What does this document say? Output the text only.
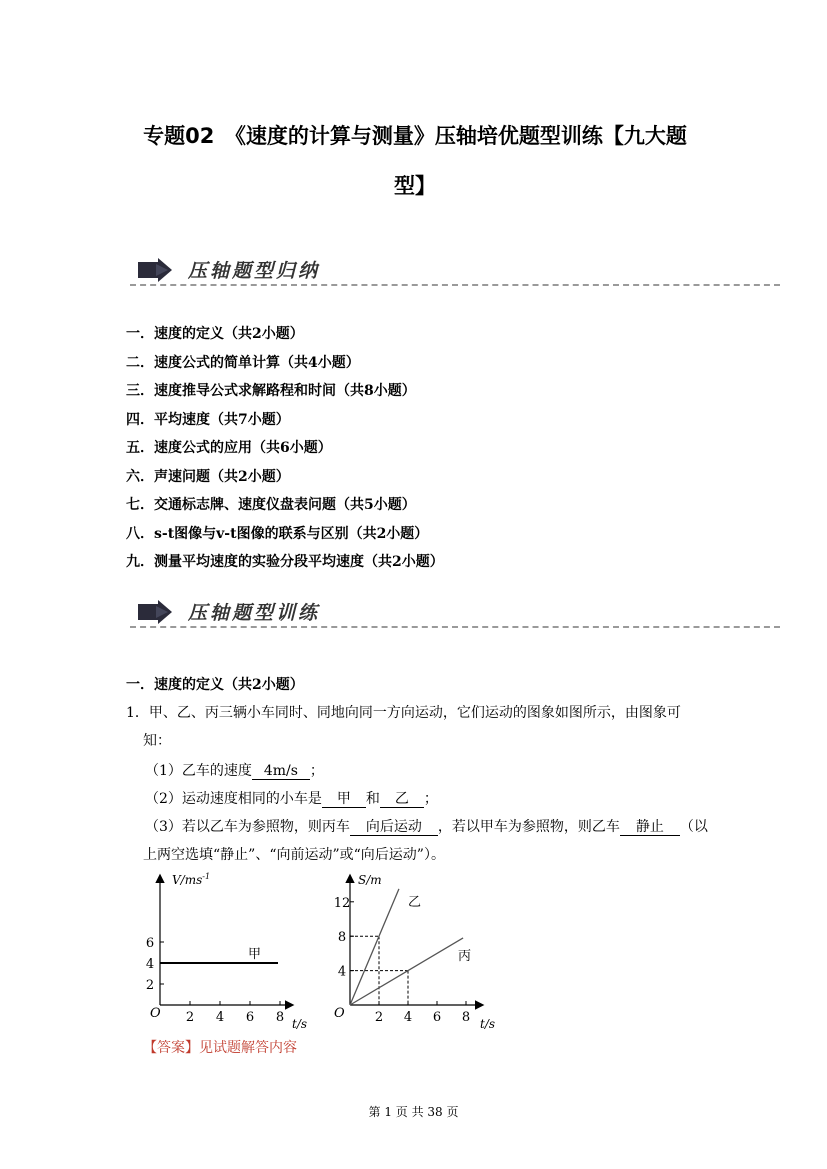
专题02　《速度的计算与测量》压轴培优题型训练【九大题
型】
压轴题型归纳
一．速度的定义（共2小题）
二．速度公式的简单计算（共4小题）
三．速度推导公式求解路程和时间（共8小题）
四．平均速度（共7小题）
五．速度公式的应用（共6小题）
六．声速问题（共2小题）
七．交通标志牌、速度仪盘表问题（共5小题）
八．s-t图像与v-t图像的联系与区别（共2小题）
九．测量平均速度的实验分段平均速度（共2小题）
压轴题型训练
一．速度的定义（共2小题）
1．甲、乙、丙三辆小车同时、同地向同一方向运动，它们运动的图象如图所示，由图象可
知：
（1）乙车的速度 4m/s ；
（2）运动速度相同的小车是 甲 和 乙 ；
（3）若以乙车为参照物，则丙车 向后运动 ，若以甲车为参照物，则乙车 静止 （以
上两空选填“静止”、“向前运动”或“向后运动”）。
2
4
6
2 4 6 8
甲
O
$V/ms^{-1}$
t/s
4
8
12
2 4 6 8
乙
丙
O
S/m
t/s
【答案】见试题解答内容
第 1 页 共 38 页
